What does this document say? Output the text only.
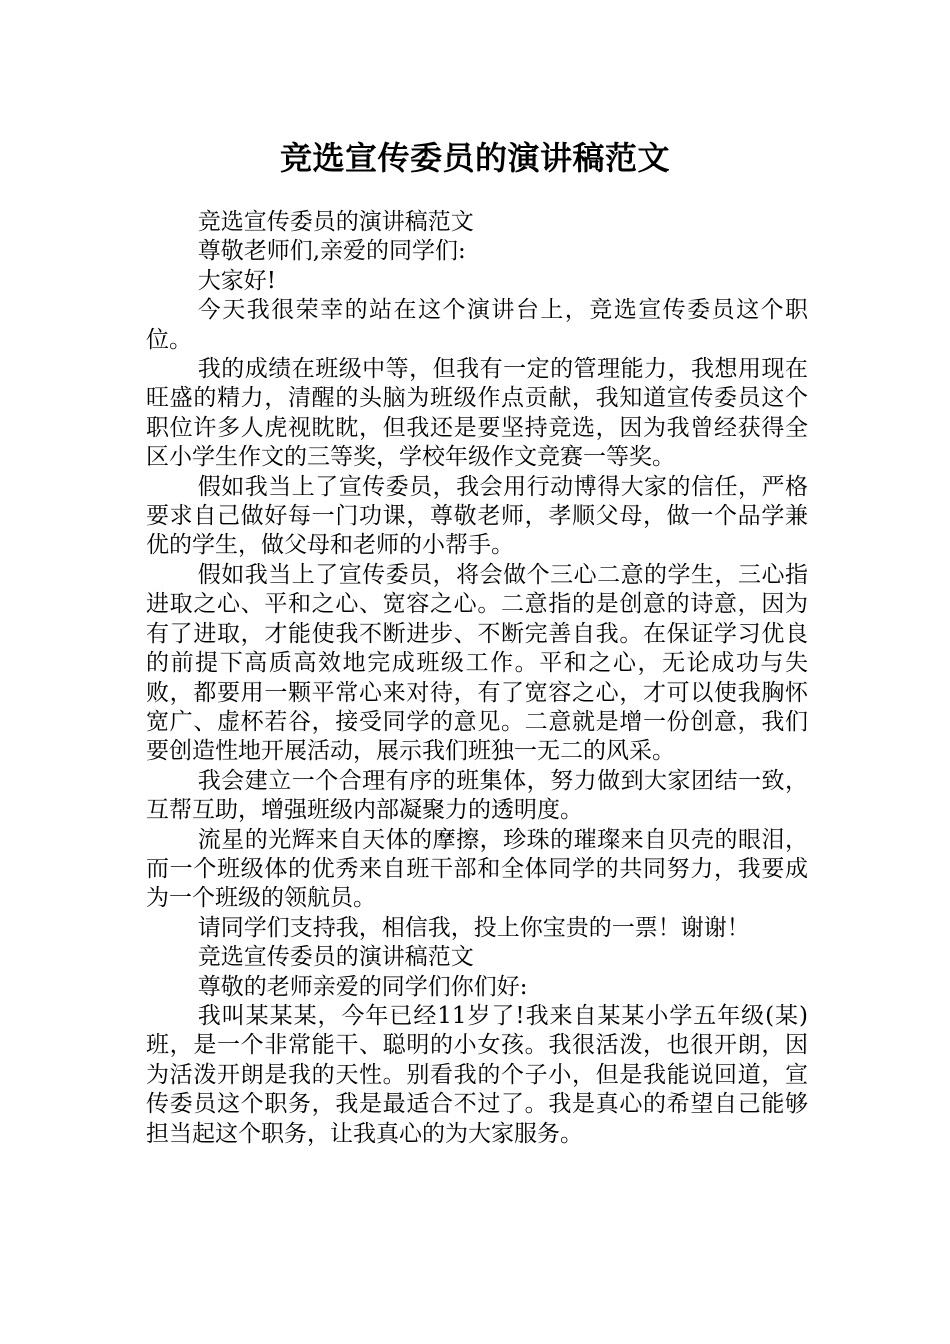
竞选宣传委员的演讲稿范文

竞选宣传委员的演讲稿范文

尊敬老师们,亲爱的同学们:

大家好!

今天我很荣幸的站在这个演讲台上，竞选宣传委员这个职位。

我的成绩在班级中等，但我有一定的管理能力，我想用现在旺盛的精力，清醒的头脑为班级作点贡献，我知道宣传委员这个职位许多人虎视眈眈，但我还是要坚持竞选，因为我曾经获得全区小学生作文的三等奖，学校年级作文竞赛一等奖。

假如我当上了宣传委员，我会用行动博得大家的信任，严格要求自己做好每一门功课，尊敬老师，孝顺父母，做一个品学兼优的学生，做父母和老师的小帮手。

假如我当上了宣传委员，将会做个三心二意的学生，三心指进取之心、平和之心、宽容之心。二意指的是创意的诗意，因为有了进取，才能使我不断进步、不断完善自我。在保证学习优良的前提下高质高效地完成班级工作。平和之心，无论成功与失败，都要用一颗平常心来对待，有了宽容之心，才可以使我胸怀宽广、虚杯若谷，接受同学的意见。二意就是增一份创意，我们要创造性地开展活动，展示我们班独一无二的风采。

我会建立一个合理有序的班集体，努力做到大家团结一致，互帮互助，增强班级内部凝聚力的透明度。

流星的光辉来自天体的摩擦，珍珠的璀璨来自贝壳的眼泪，而一个班级体的优秀来自班干部和全体同学的共同努力，我要成为一个班级的领航员。

请同学们支持我，相信我，投上你宝贵的一票！谢谢！

竞选宣传委员的演讲稿范文

尊敬的老师亲爱的同学们你们好:

我叫某某某，今年已经11岁了!我来自某某小学五年级(某)班，是一个非常能干、聪明的小女孩。我很活泼，也很开朗，因为活泼开朗是我的天性。别看我的个子小，但是我能说回道，宣传委员这个职务，我是最适合不过了。我是真心的希望自己能够担当起这个职务，让我真心的为大家服务。
